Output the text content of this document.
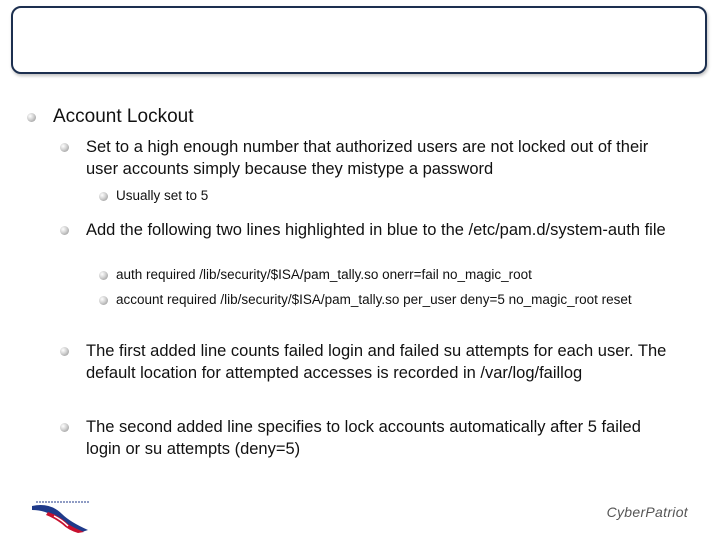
Account Lockout
Set to a high enough number that authorized users are not locked out of their user accounts simply because they mistype a password
Usually set to 5
Add the following two lines highlighted in blue to the /etc/pam.d/system-auth file
auth required /lib/security/$ISA/pam_tally.so onerr=fail no_magic_root
account required /lib/security/$ISA/pam_tally.so per_user deny=5 no_magic_root reset
The first added line counts failed login and failed su attempts for each user. The default location for attempted accesses is recorded in /var/log/faillog
The second added line specifies to lock accounts automatically after 5 failed login or su attempts (deny=5)
CyberPatriot
